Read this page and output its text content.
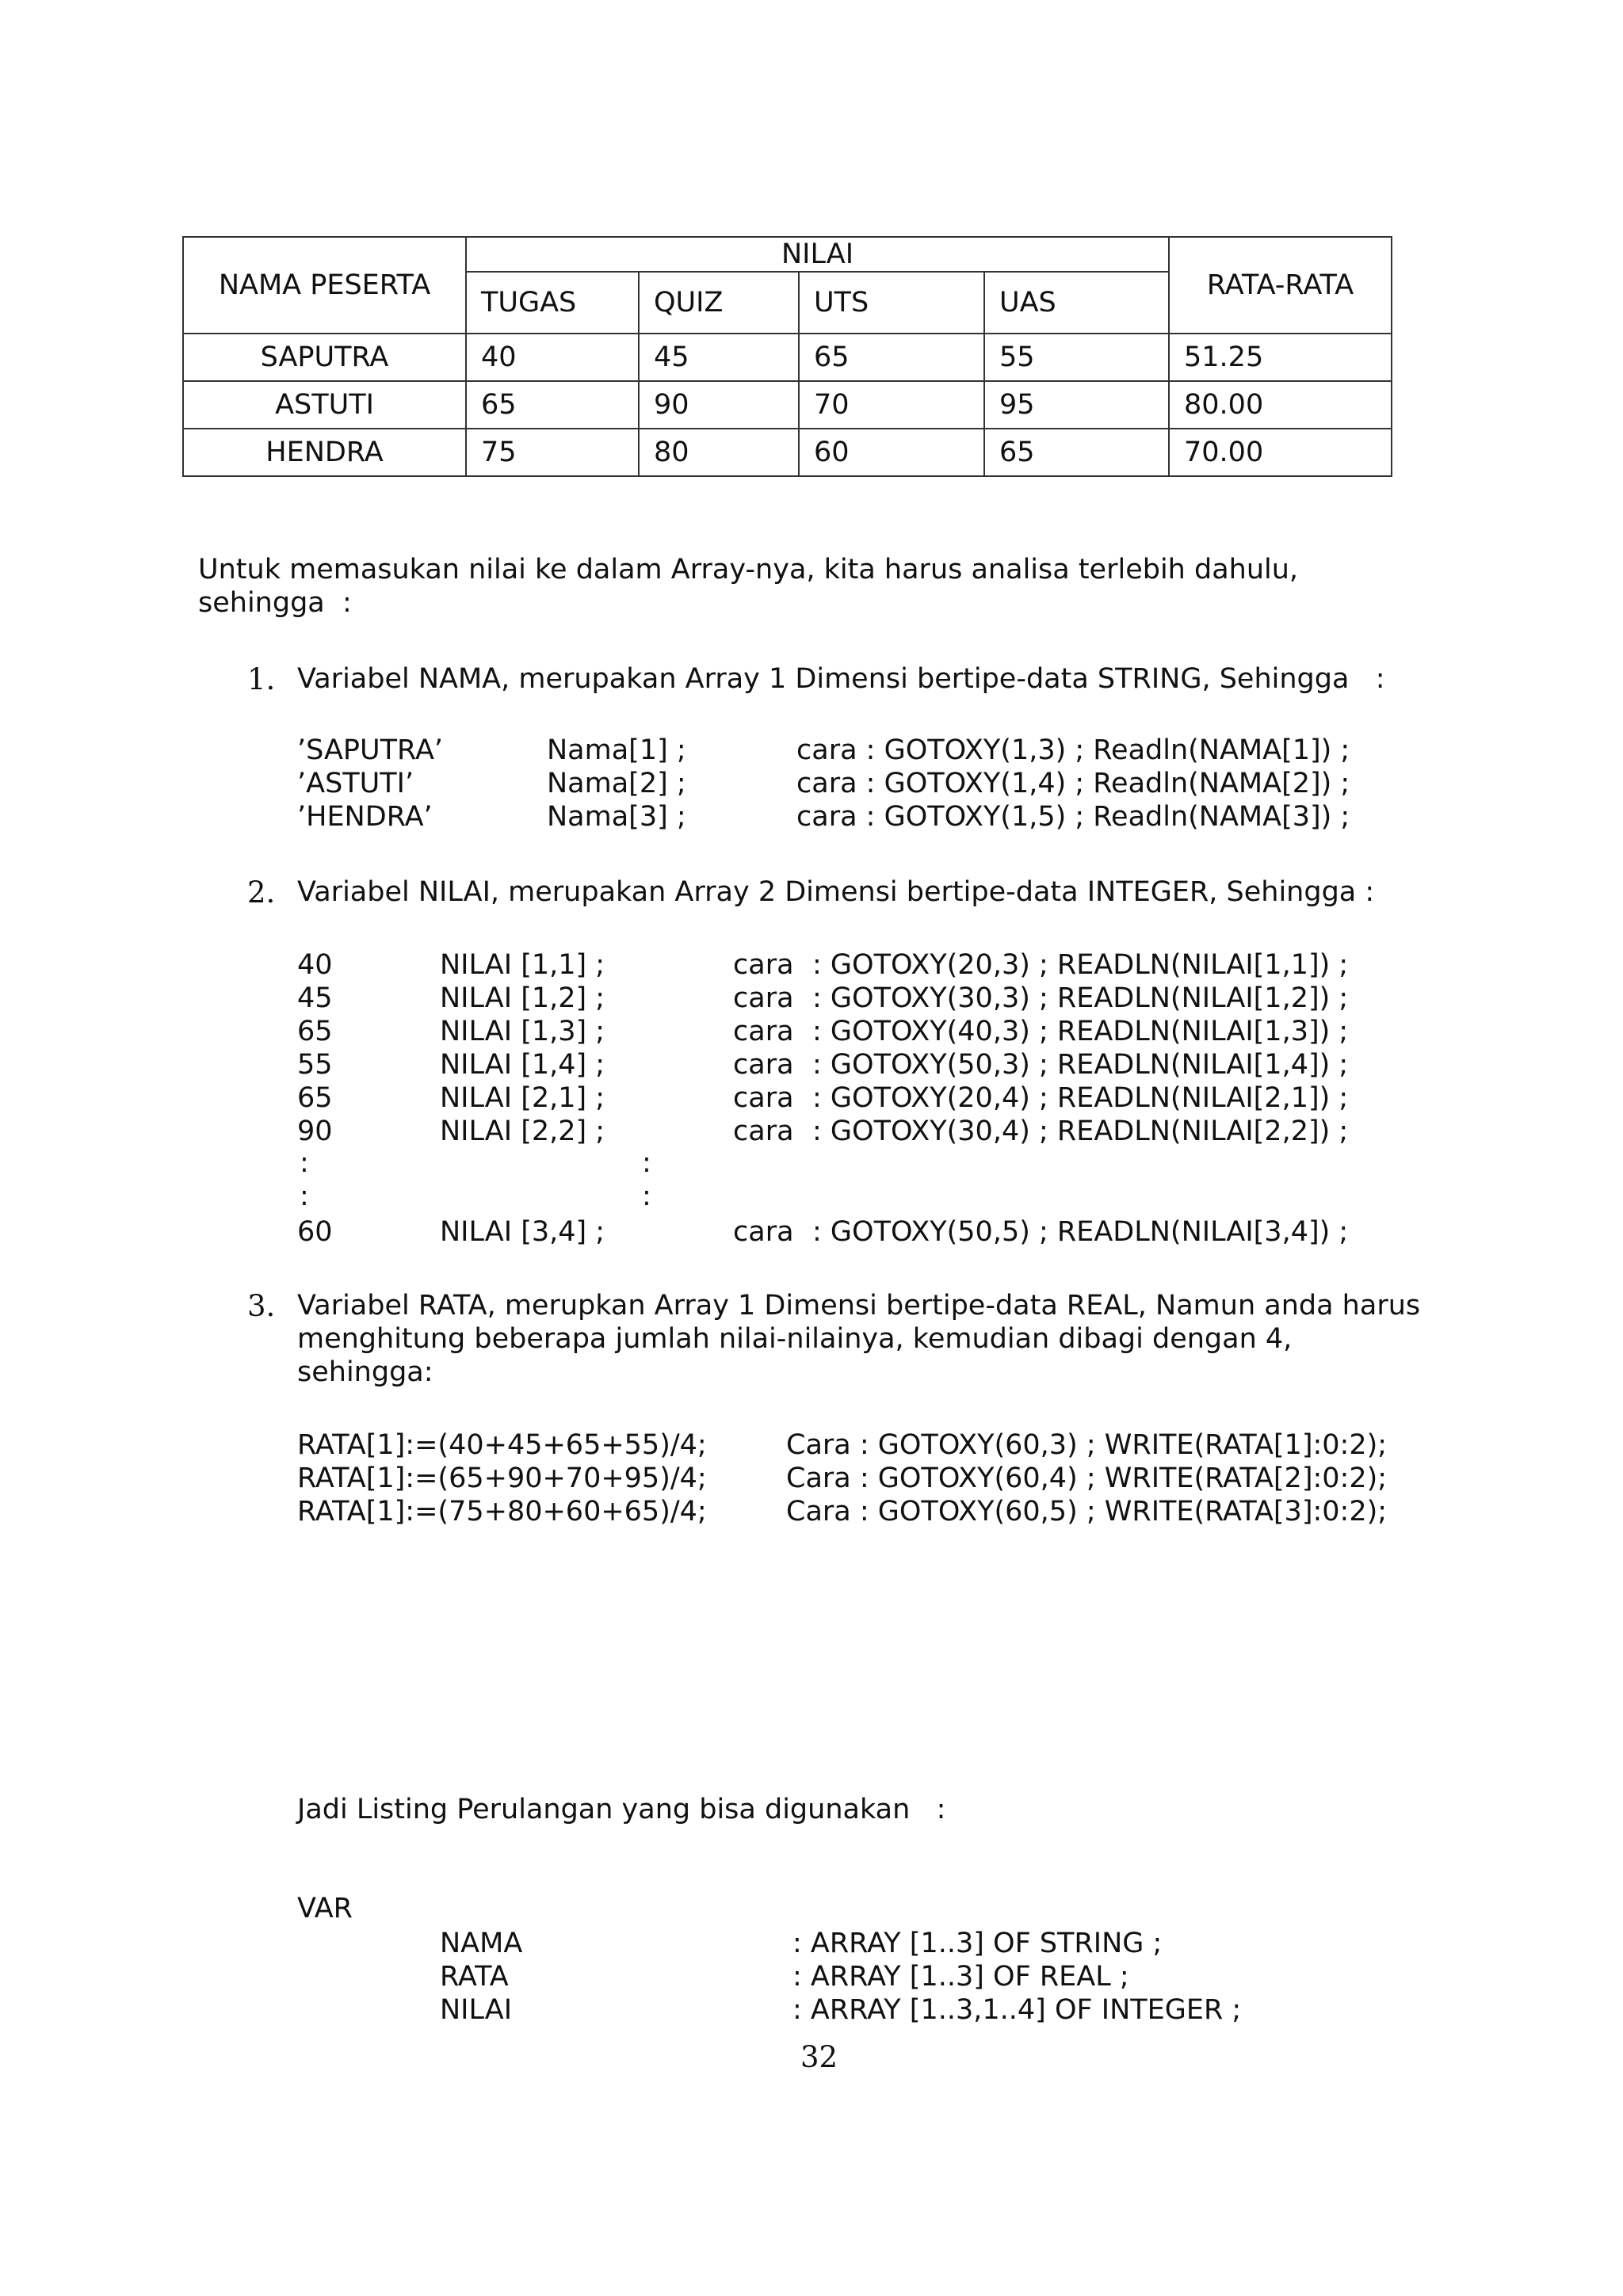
NAMA PESERTA	NILAI				RATA-RATA
	TUGAS	QUIZ	UTS	UAS	
SAPUTRA	40	45	65	55	51.25
ASTUTI	65	90	70	95	80.00
HENDRA	75	80	60	65	70.00
Untuk memasukan nilai ke dalam Array-nya, kita harus analisa terlebih dahulu,
sehingga  :
1. Variabel NAMA, merupakan Array 1 Dimensi bertipe-data STRING, Sehingga   :
’SAPUTRA’	Nama[1] ;	cara : GOTOXY(1,3) ; Readln(NAMA[1]) ;
’ASTUTI’	Nama[2] ;	cara : GOTOXY(1,4) ; Readln(NAMA[2]) ;
’HENDRA’	Nama[3] ;	cara : GOTOXY(1,5) ; Readln(NAMA[3]) ;
2. Variabel NILAI, merupakan Array 2 Dimensi bertipe-data INTEGER, Sehingga :
40	NILAI [1,1] ;	cara : GOTOXY(20,3) ; READLN(NILAI[1,1]) ;
45	NILAI [1,2] ;	cara : GOTOXY(30,3) ; READLN(NILAI[1,2]) ;
65	NILAI [1,3] ;	cara : GOTOXY(40,3) ; READLN(NILAI[1,3]) ;
55	NILAI [1,4] ;	cara : GOTOXY(50,3) ; READLN(NILAI[1,4]) ;
65	NILAI [2,1] ;	cara : GOTOXY(20,4) ; READLN(NILAI[2,1]) ;
90	NILAI [2,2] ;	cara : GOTOXY(30,4) ; READLN(NILAI[2,2]) ;
:	:
:	:
60	NILAI [3,4] ;	cara : GOTOXY(50,5) ; READLN(NILAI[3,4]) ;
3. Variabel RATA, merupkan Array 1 Dimensi bertipe-data REAL, Namun anda harus
menghitung beberapa jumlah nilai-nilainya, kemudian dibagi dengan 4,
sehingga:
RATA[1]:=(40+45+65+55)/4;	Cara : GOTOXY(60,3) ; WRITE(RATA[1]:0:2);
RATA[1]:=(65+90+70+95)/4;	Cara : GOTOXY(60,4) ; WRITE(RATA[2]:0:2);
RATA[1]:=(75+80+60+65)/4;	Cara : GOTOXY(60,5) ; WRITE(RATA[3]:0:2);
Jadi Listing Perulangan yang bisa digunakan   :
VAR
NAMA	: ARRAY [1..3] OF STRING ;
RATA	: ARRAY [1..3] OF REAL ;
NILAI	: ARRAY [1..3,1..4] OF INTEGER ;
32
